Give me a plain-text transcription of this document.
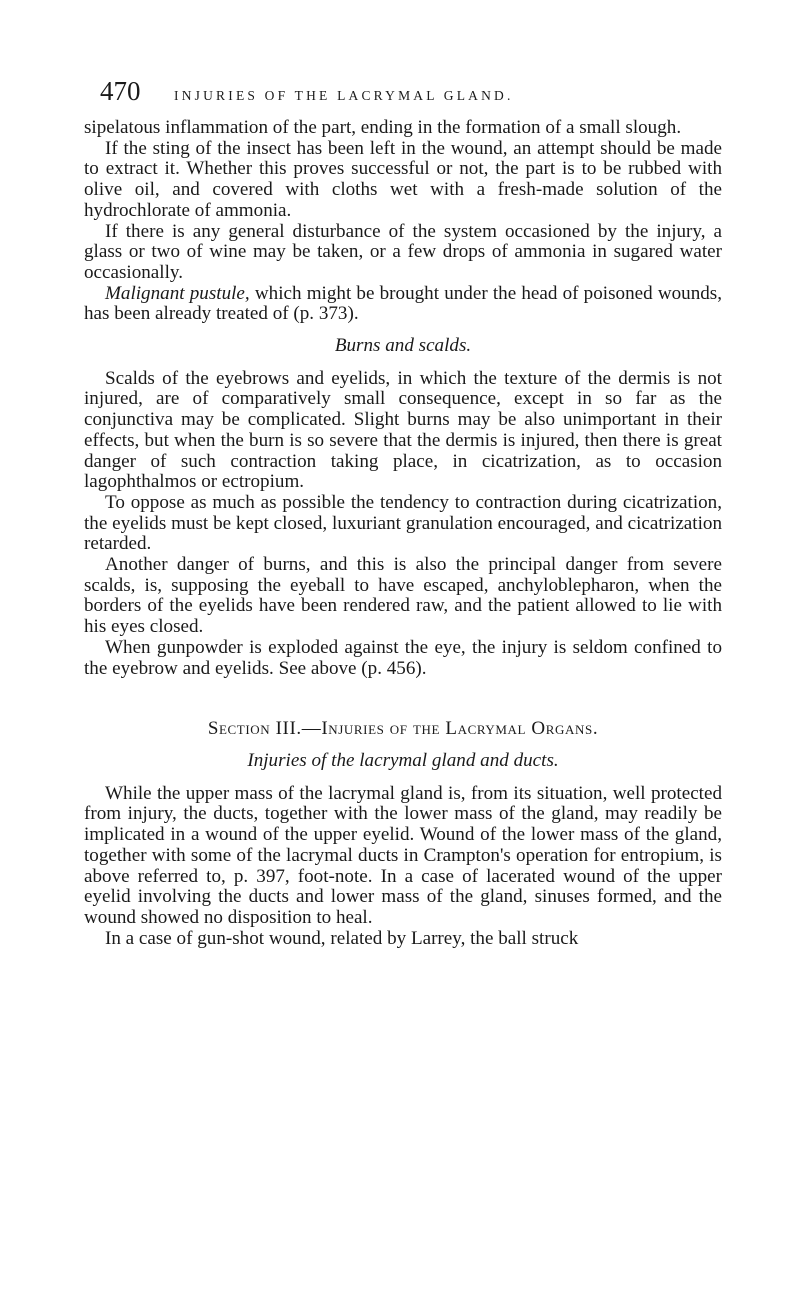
470 INJURIES OF THE LACRYMAL GLAND.

sipelatous inflammation of the part, ending in the formation of a small slough.

If the sting of the insect has been left in the wound, an attempt should be made to extract it. Whether this proves successful or not, the part is to be rubbed with olive oil, and covered with cloths wet with a fresh-made solution of the hydrochlorate of ammonia.

If there is any general disturbance of the system occasioned by the injury, a glass or two of wine may be taken, or a few drops of ammonia in sugared water occasionally.

Malignant pustule, which might be brought under the head of poisoned wounds, has been already treated of (p. 373).

Burns and scalds.

Scalds of the eyebrows and eyelids, in which the texture of the dermis is not injured, are of comparatively small consequence, except in so far as the conjunctiva may be complicated. Slight burns may be also unimportant in their effects, but when the burn is so severe that the dermis is injured, then there is great danger of such contraction taking place, in cicatrization, as to occasion lagophthalmos or ectropium.

To oppose as much as possible the tendency to contraction during cicatrization, the eyelids must be kept closed, luxuriant granulation encouraged, and cicatrization retarded.

Another danger of burns, and this is also the principal danger from severe scalds, is, supposing the eyeball to have escaped, anchyloblepharon, when the borders of the eyelids have been rendered raw, and the patient allowed to lie with his eyes closed.

When gunpowder is exploded against the eye, the injury is seldom confined to the eyebrow and eyelids. See above (p. 456).

Section III.—Injuries of the Lacrymal Organs.
Injuries of the lacrymal gland and ducts.

While the upper mass of the lacrymal gland is, from its situation, well protected from injury, the ducts, together with the lower mass of the gland, may readily be implicated in a wound of the upper eyelid. Wound of the lower mass of the gland, together with some of the lacrymal ducts in Crampton's operation for entropium, is above referred to, p. 397, foot-note. In a case of lacerated wound of the upper eyelid involving the ducts and lower mass of the gland, sinuses formed, and the wound showed no disposition to heal.

In a case of gun-shot wound, related by Larrey, the ball struck
